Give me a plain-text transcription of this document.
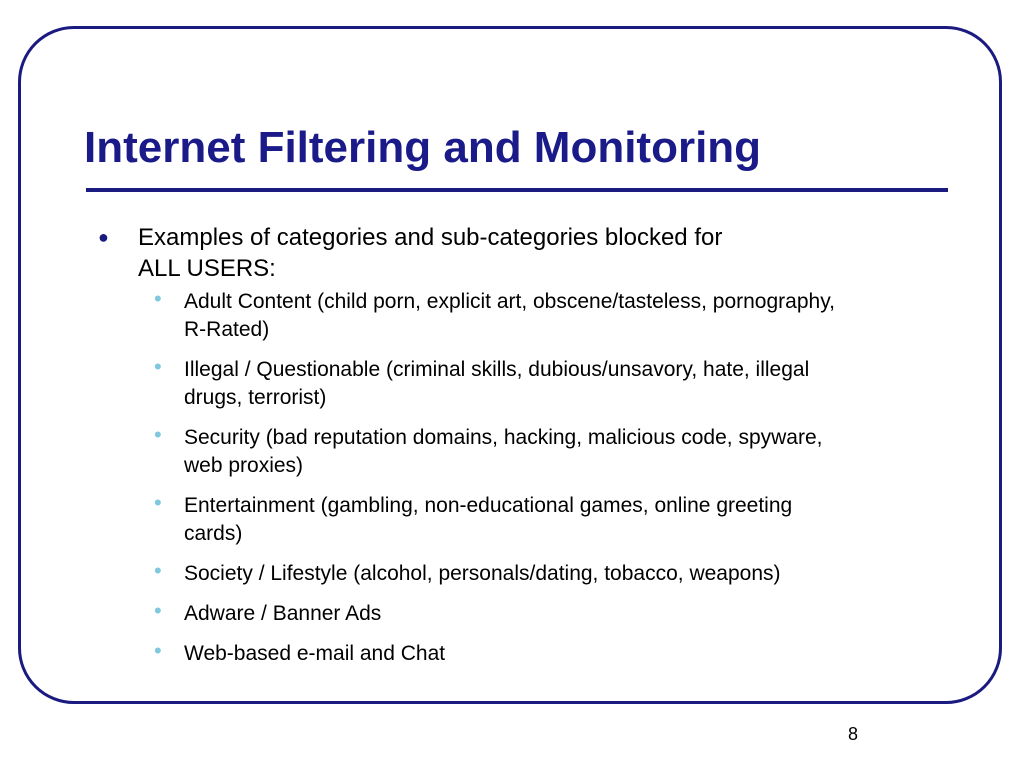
Internet Filtering and Monitoring
● Examples of categories and sub-categories blocked for
ALL USERS:
• Adult Content (child porn, explicit art, obscene/tasteless, pornography,
R-Rated)
• Illegal / Questionable (criminal skills, dubious/unsavory, hate, illegal
drugs, terrorist)
• Security (bad reputation domains, hacking, malicious code, spyware,
web proxies)
• Entertainment (gambling, non-educational games, online greeting
cards)
• Society / Lifestyle (alcohol, personals/dating, tobacco, weapons)
• Adware / Banner Ads
• Web-based e-mail and Chat
8
